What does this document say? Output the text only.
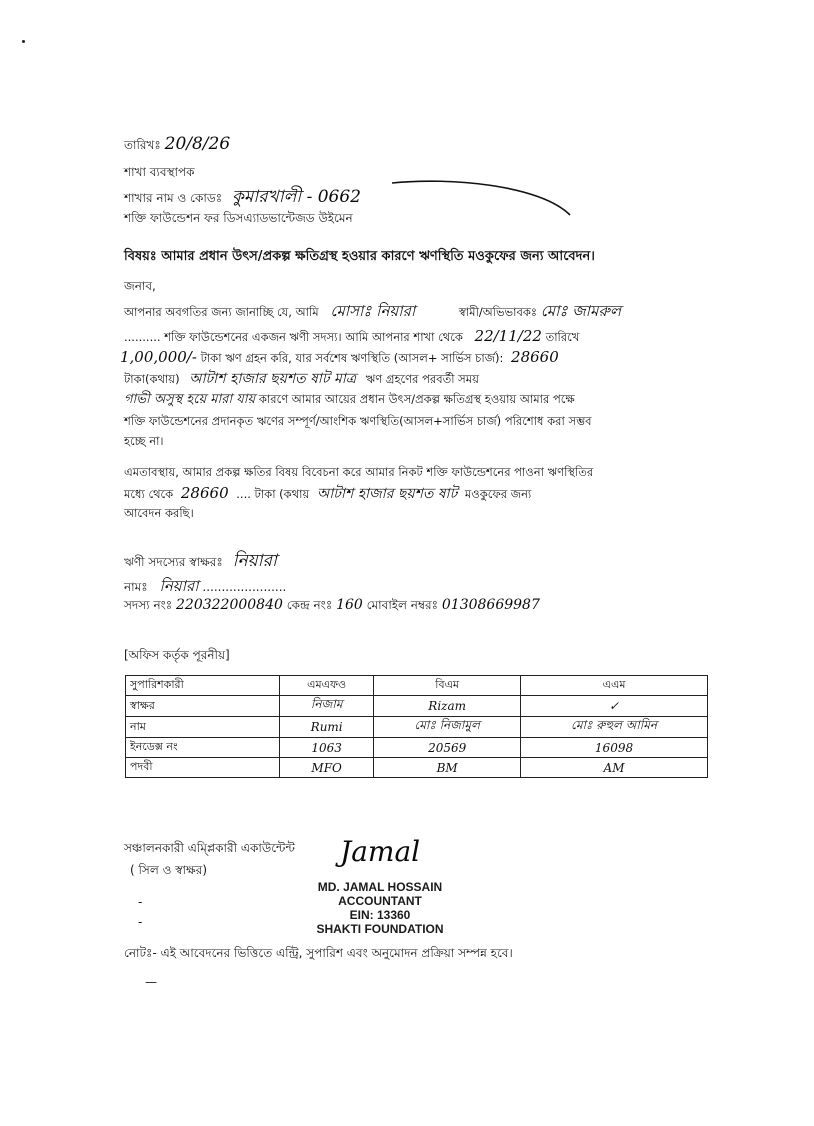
তারিখঃ 20/8/26
শাখা ব্যবস্থাপক
শাখার নাম ও কোডঃ কুমারখালী - 0662
শক্তি ফাউন্ডেশন ফর ডিসএ্যাডভান্টেজড উইমেন
বিষয়ঃ আমার প্রধান উৎস/প্রকল্প ক্ষতিগ্রস্থ হওয়ার কারণে ঋণস্থিতি মওকুফের জন্য আবেদন।
জনাব,
আপনার অবগতির জন্য জানাচ্ছি যে, আমি মোসাঃ নিয়ারা	স্বামী/অভিভাবকঃ মোঃ জামরুল
.......... শক্তি ফাউন্ডেশনের একজন ঋণী সদস্য। আমি আপনার শাখা থেকে 22/11/22 তারিখে
1,00,000/- টাকা ঋণ গ্রহন করি, যার সর্বশেষ ঋণস্থিতি (আসল+ সার্ভিস চার্জ): 28660
টাকা(কথায়) আটাশ হাজার ছয়শত ষাট মাত্র ঋণ গ্রহণের পরবর্তী সময়
গাভী অসুস্থ হয়ে মারা যায় কারণে আমার আয়ের প্রধান উৎস/প্রকল্প ক্ষতিগ্রস্থ হওয়ায় আমার পক্ষে
শক্তি ফাউন্ডেশনের প্রদানকৃত ঋণের সম্পূর্ণ/আংশিক ঋণস্থিতি(আসল+সার্ভিস চার্জ) পরিশোধ করা সম্ভব
হচ্ছে না।
এমতাবস্থায়, আমার প্রকল্প ক্ষতির বিষয় বিবেচনা করে আমার নিকট শক্তি ফাউন্ডেশনের পাওনা ঋণস্থিতির
মধ্যে থেকে 28660 .... টাকা (কথায় আটাশ হাজার ছয়শত ষাট মওকুফের জন্য
আবেদন করছি।
ঋণী সদস্যের স্বাক্ষরঃ নিয়ারা
নামঃ নিয়ারা ......................
সদস্য নংঃ 220322000840 কেন্দ্র নংঃ 160 মোবাইল নম্বরঃ 01308669987
[অফিস কর্তৃক পূরনীয়]
সুপারিশকারী	এমএফও	বিএম	এএম
স্বাক্ষর	নিজাম	Rizam	✓
নাম	Rumi	মোঃ নিজামুল	মোঃ রুহুল আমিন
ইনডেক্স নং	1063	20569	16098
পদবী	MFO	BM	AM
সঞ্চালনকারী এম্প্লিকারী একাউন্টেন্ট
( সিল ও স্বাক্ষর)
-
-
Jamal
MD. JAMAL HOSSAIN
ACCOUNTANT
EIN: 13360
SHAKTI FOUNDATION
নোটঃ- এই আবেদনের ভিত্তিতে এন্ট্রি, সুপারিশ এবং অনুমোদন প্রক্রিয়া সম্পন্ন হবে।
—
